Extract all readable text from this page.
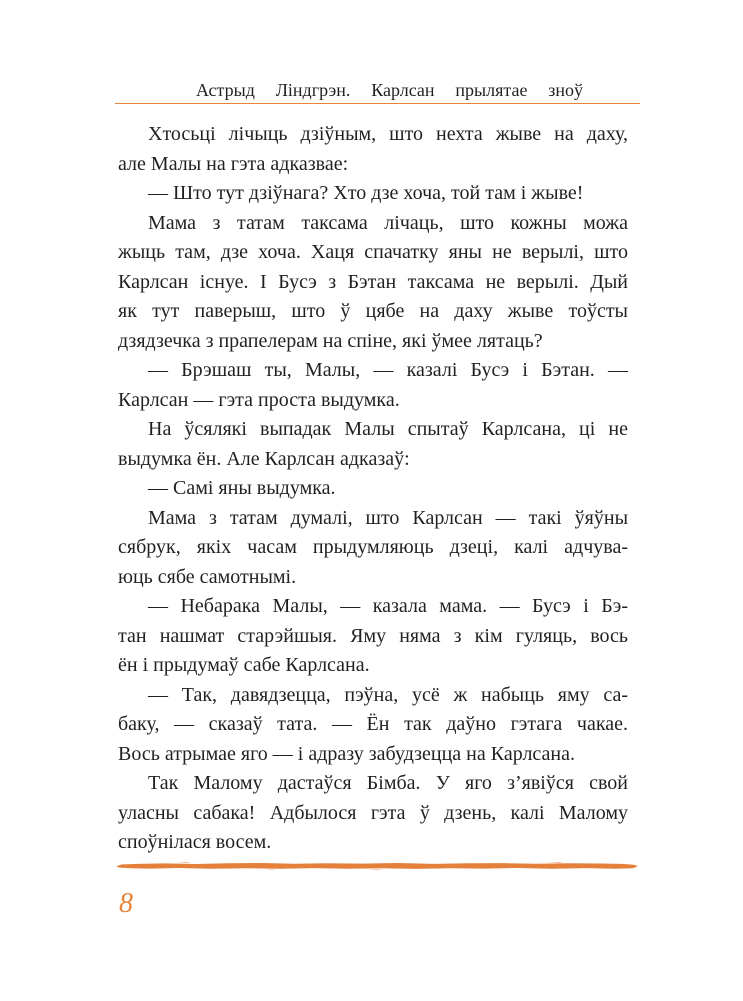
Астрыд Ліндгрэн. Карлсан прылятае зноў
Хтосьці лічыць дзіўным, што нехта жыве на даху,
але Малы на гэта адказвае:
— Што тут дзіўнага? Хто дзе хоча, той там і жыве!
Мама з татам таксама лічаць, што кожны можа
жыць там, дзе хоча. Хаця спачатку яны не верылі, што
Карлсан існуе. І Бусэ з Бэтан таксама не верылі. Дый
як тут паверыш, што ў цябе на даху жыве тоўсты
дзядзечка з прапелерам на спіне, які ўмее лятаць?
— Брэшаш ты, Малы, — казалі Бусэ і Бэтан. —
Карлсан — гэта проста выдумка.
На ўсялякі выпадак Малы спытаў Карлсана, ці не
выдумка ён. Але Карлсан адказаў:
— Самі яны выдумка.
Мама з татам думалі, што Карлсан — такі ўяўны
сябрук, якіх часам прыдумляюць дзеці, калі адчува-
юць сябе самотнымі.
— Небарака Малы, — казала мама. — Бусэ і Бэ-
тан нашмат старэйшыя. Яму няма з кім гуляць, вось
ён і прыдумаў сабе Карлсана.
— Так, давядзецца, пэўна, усё ж набыць яму са-
баку, — сказаў тата. — Ён так даўно гэтага чакае.
Вось атрымае яго — і адразу забудзецца на Карлсана.
Так Малому дастаўся Бімба. У яго з’явіўся свой
уласны сабака! Адбылося гэта ў дзень, калі Малому
споўнілася восем.
8
